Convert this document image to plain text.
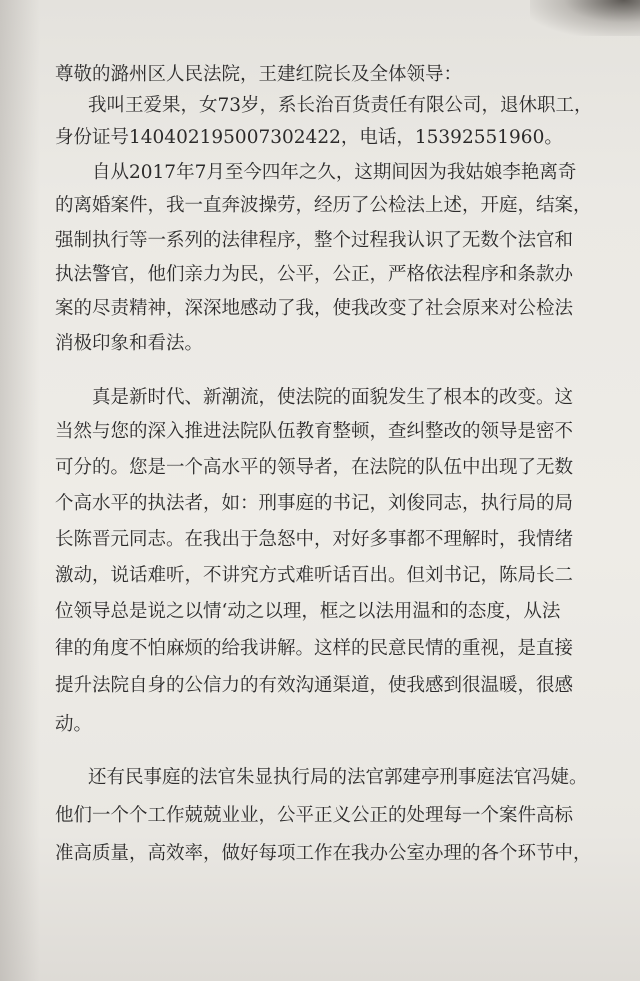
尊敬的潞州区人民法院，王建红院长及全体领导：

我叫王爱果，女73岁，系长治百货责任有限公司，退休职工，

身份证号140402195007302422，电话，15392551960。

自从2017年7月至今四年之久，这期间因为我姑娘李艳离奇

的离婚案件，我一直奔波操劳，经历了公检法上述，开庭，结案，

强制执行等一系列的法律程序，整个过程我认识了无数个法官和

执法警官，他们亲力为民，公平，公正，严格依法程序和条款办

案的尽责精神，深深地感动了我，使我改变了社会原来对公检法

消极印象和看法。

真是新时代、新潮流，使法院的面貌发生了根本的改变。这

当然与您的深入推进法院队伍教育整顿，查纠整改的领导是密不

可分的。您是一个高水平的领导者，在法院的队伍中出现了无数

个高水平的执法者，如：刑事庭的书记，刘俊同志，执行局的局

长陈晋元同志。在我出于急怒中，对好多事都不理解时，我情绪

激动，说话难听，不讲究方式难听话百出。但刘书记，陈局长二

位领导总是说之以情‘动之以理，框之以法用温和的态度，从法

律的角度不怕麻烦的给我讲解。这样的民意民情的重视，是直接

提升法院自身的公信力的有效沟通渠道，使我感到很温暖，很感

动。

还有民事庭的法官朱显执行局的法官郭建亭刑事庭法官冯婕。

他们一个个工作兢兢业业，公平正义公正的处理每一个案件高标

准高质量，高效率，做好每项工作在我办公室办理的各个环节中，
